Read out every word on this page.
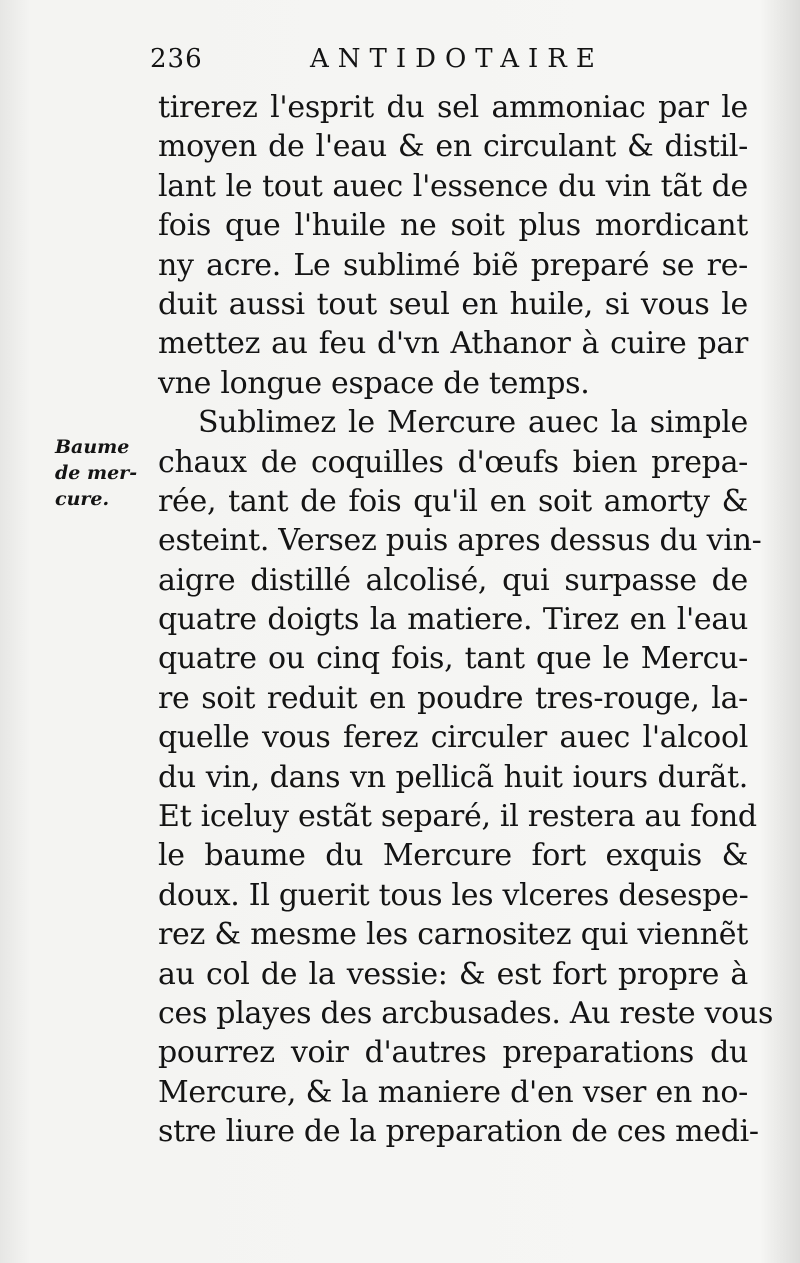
236	ANTIDOTAIRE
Baume
de mer-
cure.
tirerez l'esprit du sel ammoniac par le
moyen de l'eau & en circulant & distil-
lant le tout auec l'essence du vin tãt de
fois que l'huile ne soit plus mordicant
ny acre. Le sublimé biẽ preparé se re-
duit aussi tout seul en huile, si vous le
mettez au feu d'vn Athanor à cuire par
vne longue espace de temps.
Sublimez le Mercure auec la simple
chaux de coquilles d'œufs bien prepa-
rée, tant de fois qu'il en soit amorty &
esteint. Versez puis apres dessus du vin-
aigre distillé alcolisé, qui surpasse de
quatre doigts la matiere. Tirez en l'eau
quatre ou cinq fois, tant que le Mercu-
re soit reduit en poudre tres-rouge, la-
quelle vous ferez circuler auec l'alcool
du vin, dans vn pellicã huit iours durãt.
Et iceluy estãt separé, il restera au fond
le baume du Mercure fort exquis &
doux. Il guerit tous les vlceres desespe-
rez & mesme les carnositez qui viennẽt
au col de la vessie: & est fort propre à
ces playes des arcbusades. Au reste vous
pourrez voir d'autres preparations du
Mercure, & la maniere d'en vser en no-
stre liure de la preparation de ces medi-
